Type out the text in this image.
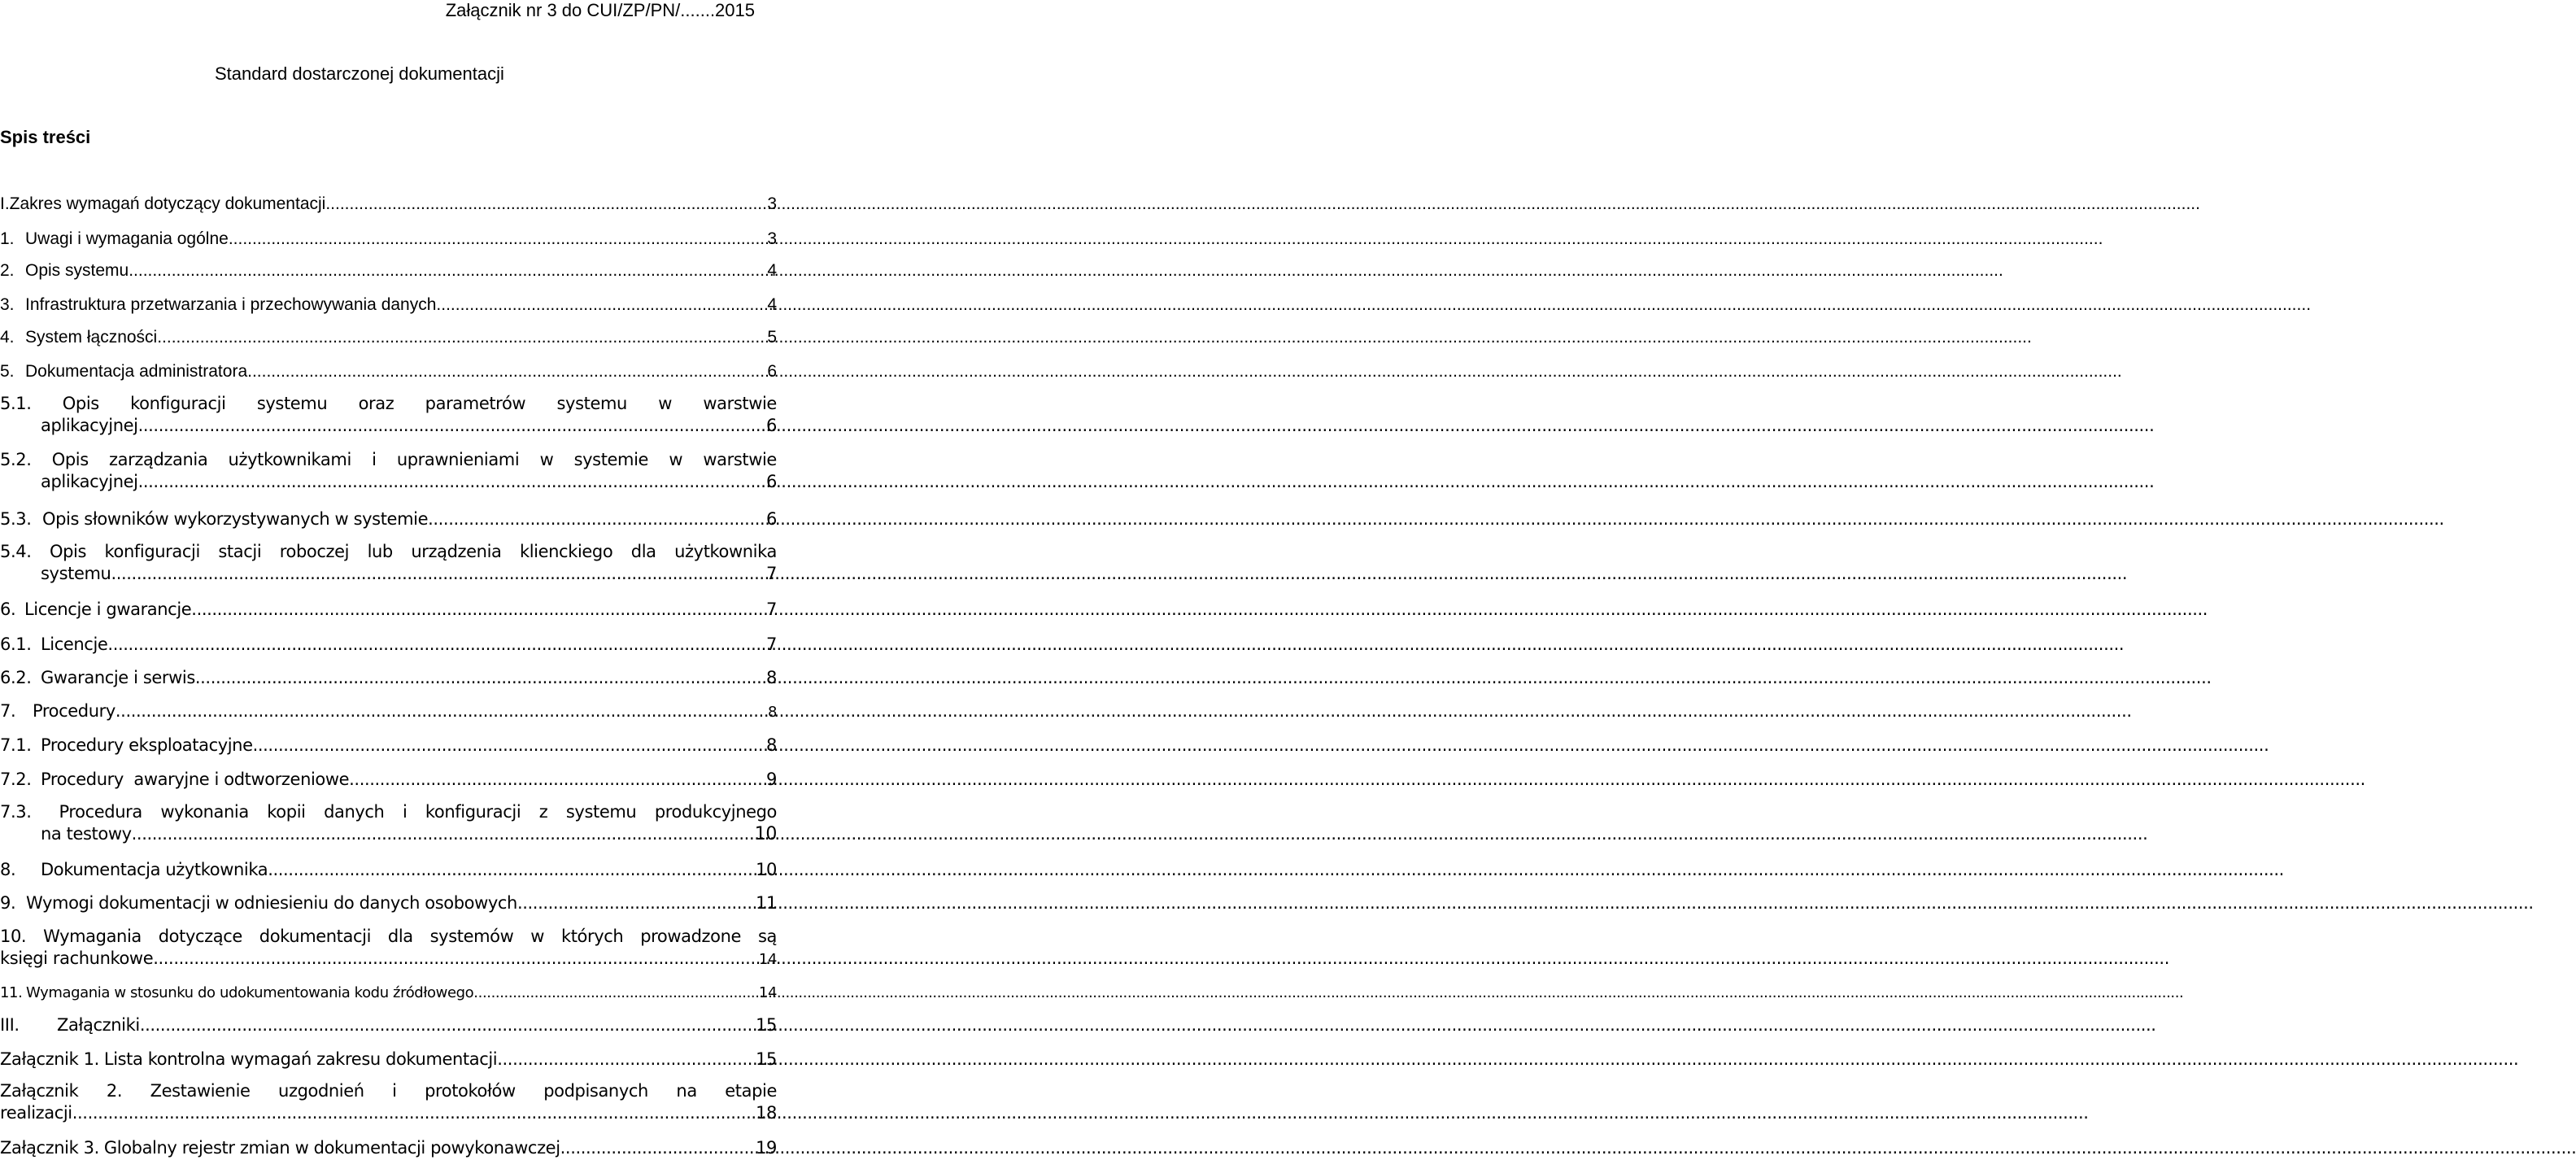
Załącznik nr 3 do CUI/ZP/PN/.......2015
Standard dostarczonej dokumentacji
Spis treści
I. Zakres wymagań dotyczący dokumentacji .....	3
1. Uwagi i wymagania ogólne .....	3
2. Opis systemu .....	4
3. Infrastruktura przetwarzania i przechowywania danych .....	4
4. System łączności .....	5
5. Dokumentacja administratora .....	6
5.1. Opis konfiguracji systemu oraz parametrów systemu w warstwie
aplikacyjnej .....	6
5.2. Opis zarządzania użytkownikami i uprawnieniami w systemie w warstwie
aplikacyjnej .....	6
5.3. Opis słowników wykorzystywanych w systemie .....	6
5.4. Opis konfiguracji stacji roboczej lub urządzenia klienckiego dla użytkownika
systemu .....	7
6. Licencje i gwarancje .....	7
6.1. Licencje .....	7
6.2. Gwarancje i serwis .....	8
7. Procedury .....	8
7.1. Procedury eksploatacyjne .....	8
7.2. Procedury  awaryjne i odtworzeniowe .....	9
7.3.	Procedura wykonania kopii danych i konfiguracji z systemu produkcyjnego
na testowy .....	10
8.	Dokumentacja użytkownika .....	10
9. Wymogi dokumentacji w odniesieniu do danych osobowych .....	11
10. Wymagania dotyczące dokumentacji dla systemów w których prowadzone są
księgi rachunkowe .....	14
11. Wymagania w stosunku do udokumentowania kodu źródłowego .....	14
III.	Załączniki .....	15
Załącznik 1. Lista kontrolna wymagań zakresu dokumentacji. .....	15
Załącznik 2. Zestawienie uzgodnień i protokołów podpisanych na etapie
realizacji .....	18
Załącznik 3. Globalny rejestr zmian w dokumentacji powykonawczej .....	19
